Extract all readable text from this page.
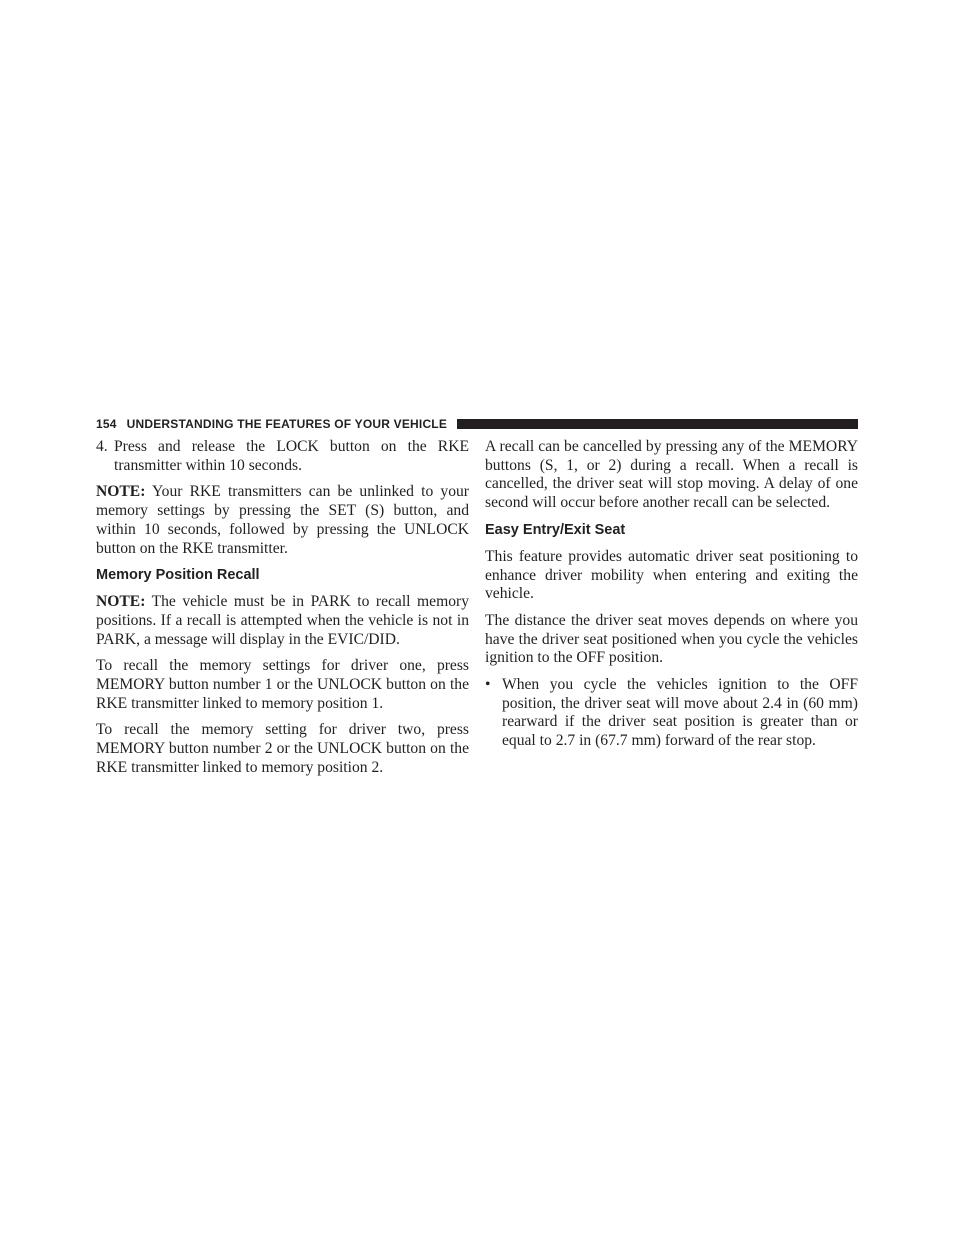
154 UNDERSTANDING THE FEATURES OF YOUR VEHICLE
4. Press and release the LOCK button on the RKE transmitter within 10 seconds.

NOTE: Your RKE transmitters can be unlinked to your memory settings by pressing the SET (S) button, and within 10 seconds, followed by pressing the UNLOCK button on the RKE transmitter.

Memory Position Recall

NOTE: The vehicle must be in PARK to recall memory positions. If a recall is attempted when the vehicle is not in PARK, a message will display in the EVIC/DID.

To recall the memory settings for driver one, press MEMORY button number 1 or the UNLOCK button on the RKE transmitter linked to memory position 1.

To recall the memory setting for driver two, press MEMORY button number 2 or the UNLOCK button on the RKE transmitter linked to memory position 2.

A recall can be cancelled by pressing any of the MEMORY buttons (S, 1, or 2) during a recall. When a recall is cancelled, the driver seat will stop moving. A delay of one second will occur before another recall can be selected.

Easy Entry/Exit Seat

This feature provides automatic driver seat positioning to enhance driver mobility when entering and exiting the vehicle.

The distance the driver seat moves depends on where you have the driver seat positioned when you cycle the vehicles ignition to the OFF position.

• When you cycle the vehicles ignition to the OFF position, the driver seat will move about 2.4 in (60 mm) rearward if the driver seat position is greater than or equal to 2.7 in (67.7 mm) forward of the rear stop.
